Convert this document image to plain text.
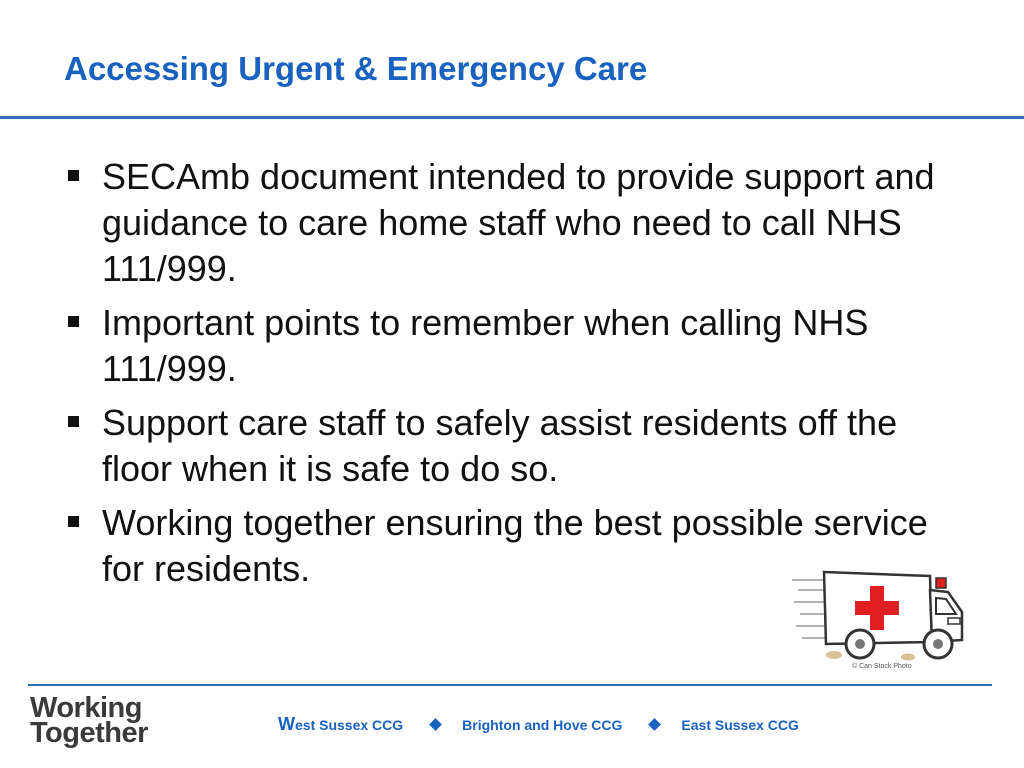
Accessing Urgent & Emergency Care
SECAmb document intended to provide support and guidance to care home staff who need to call NHS 111/999.
Important points to remember when calling NHS 111/999.
Support care staff to safely assist residents off the floor when it is safe to do so.
Working together ensuring the best possible service for residents.
© Can Stock Photo
Working
Together	West Sussex CCG	Brighton and Hove CCG	East Sussex CCG
